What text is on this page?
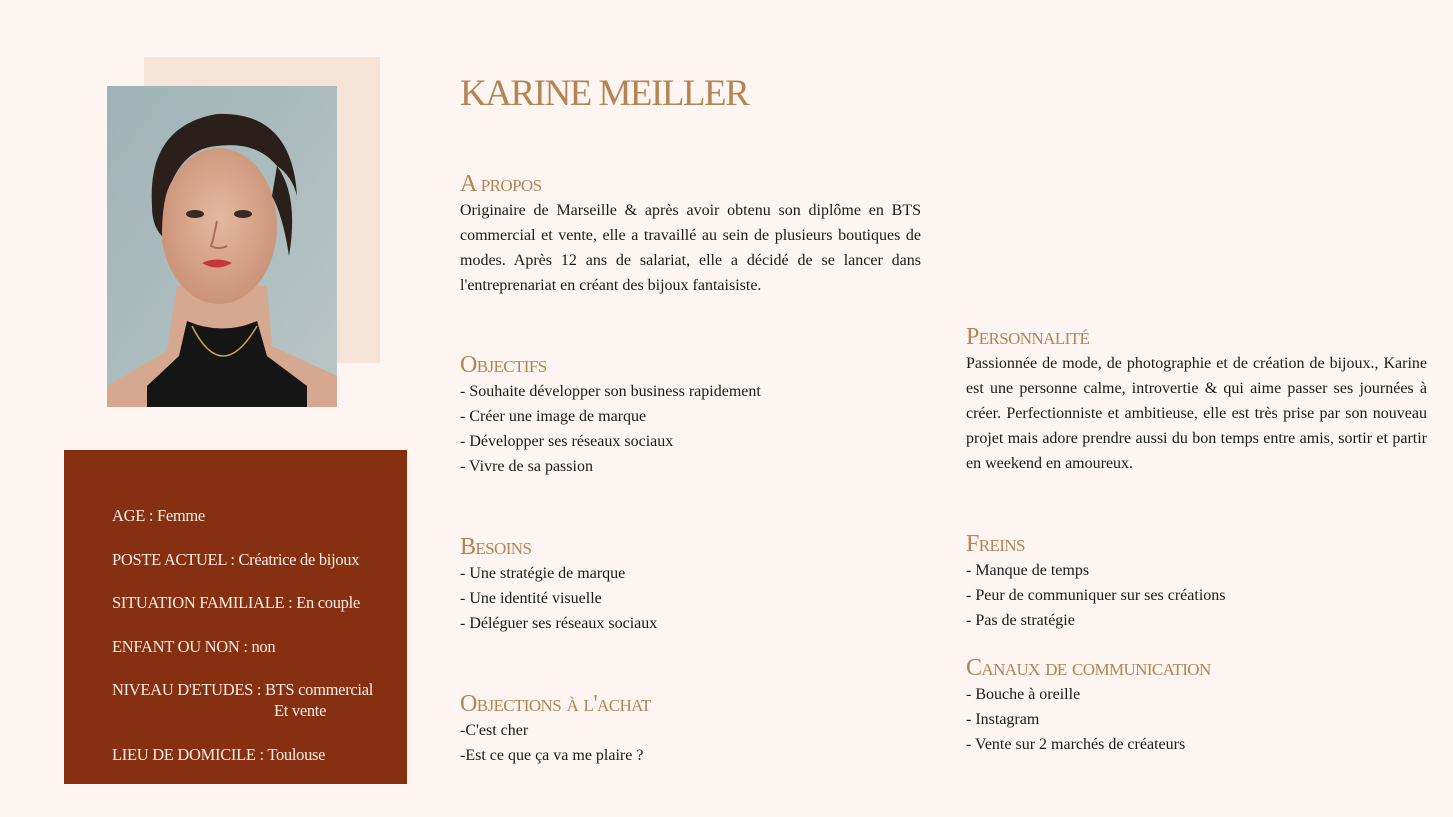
AGE : Femme
POSTE ACTUEL : Créatrice de bijoux
SITUATION FAMILIALE : En couple
ENFANT OU NON : non
NIVEAU D'ETUDES : BTS commercial
Et vente
LIEU DE DOMICILE : Toulouse
KARINE MEILLER
A propos

Originaire de Marseille & après avoir obtenu son diplôme en BTS commercial et vente, elle a travaillé au sein de plusieurs boutiques de modes. Après 12 ans de salariat, elle a décidé de se lancer dans l'entreprenariat en créant des bijoux fantaisiste.

Objectifs
- Souhaite développer son business rapidement
- Créer une image de marque
- Développer ses réseaux sociaux
- Vivre de sa passion
Besoins
- Une stratégie de marque
- Une identité visuelle
- Déléguer ses réseaux sociaux
Objections à l'achat
-C'est cher
-Est ce que ça va me plaire ?
Personnalité

Passionnée de mode, de photographie et de création de bijoux., Karine est une personne calme, introvertie & qui aime passer ses journées à créer. Perfectionniste et ambitieuse, elle est très prise par son nouveau projet mais adore prendre aussi du bon temps entre amis, sortir et partir en weekend en amoureux.

Freins
- Manque de temps
- Peur de communiquer sur ses créations
- Pas de stratégie
Canaux de communication
- Bouche à oreille
- Instagram
- Vente sur 2 marchés de créateurs
